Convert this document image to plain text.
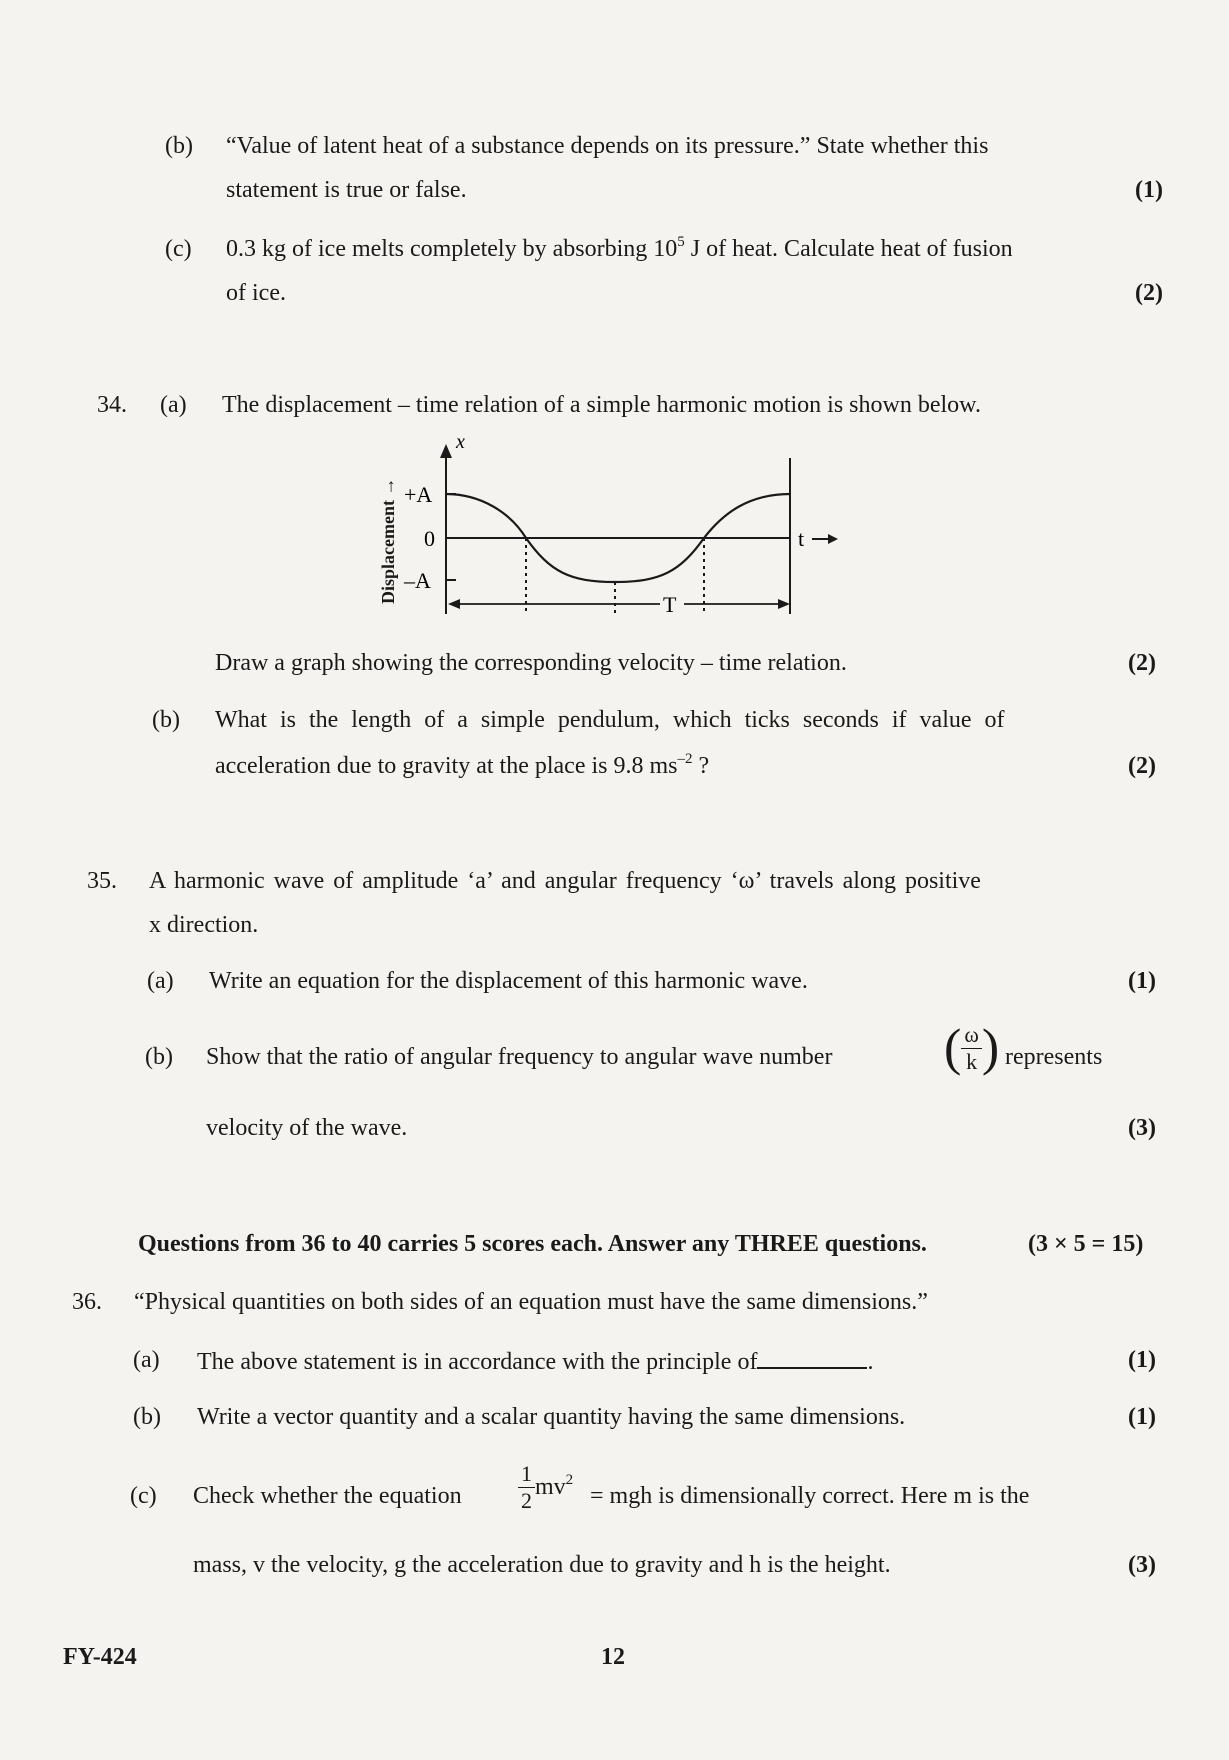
(b) “Value of latent heat of a substance depends on its pressure.” State whether this
statement is true or false.	(1)
(c) 0.3 kg of ice melts completely by absorbing $10^5$ J of heat. Calculate heat of fusion
of ice.	(2)
34. (a) The displacement – time relation of a simple harmonic motion is shown below.
T
x
+A
0
–A
t
Displacement →
Draw a graph showing the corresponding velocity – time relation.	(2)
(b) What is the length of a simple pendulum, which ticks seconds if value of
acceleration due to gravity at the place is 9.8 $ms^{-2}$ ?	(2)
35. A harmonic wave of amplitude ‘a’ and angular frequency ‘ω’ travels along positive
x direction.
(a) Write an equation for the displacement of this harmonic wave.	(1)
(b) Show that the ratio of angular frequency to angular wave number ( $\frac{\omega}{k}$ ) represents
velocity of the wave.	(3)
Questions from 36 to 40 carries 5 scores each. Answer any THREE questions.	(3 × 5 = 15)
36. “Physical quantities on both sides of an equation must have the same dimensions.”
(a) The above statement is in accordance with the principle of	.	(1)
(b) Write a vector quantity and a scalar quantity having the same dimensions.	(1)
(c) Check whether the equation	$\frac{1}{2} mv^2$
= mgh is dimensionally correct. Here m is the
mass, v the velocity, g the acceleration due to gravity and h is the height.	(3)
FY-424	12
